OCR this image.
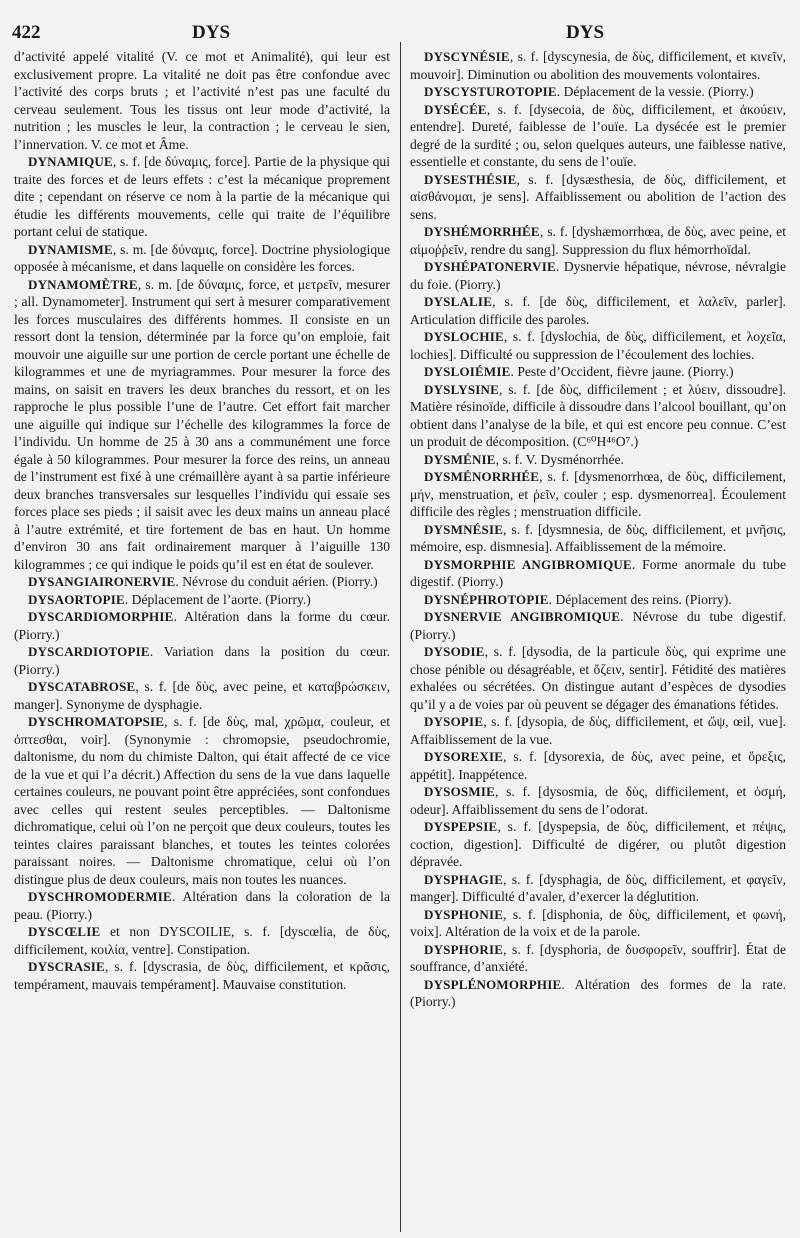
422	DYS	DYS

d’activité appelé vitalité (V. ce mot et Animalité), qui leur est exclusivement propre. La vitalité ne doit pas être confondue avec l’activité des corps bruts ; et l’activité n’est pas une faculté du cerveau seulement. Tous les tissus ont leur mode d’activité, la nutrition ; les muscles le leur, la contraction ; le cerveau le sien, l’innervation. V. ce mot et Âme.

DYNAMIQUE, s. f. [de δύναμις, force]. Partie de la physique qui traite des forces et de leurs effets : c’est la mécanique proprement dite ; cependant on réserve ce nom à la partie de la mécanique qui étudie les différents mouvements, celle qui traite de l’équilibre portant celui de statique.

DYNAMISME, s. m. [de δύναμις, force]. Doctrine physiologique opposée à mécanisme, et dans laquelle on considère les forces.

DYNAMOMÈTRE, s. m. [de δύναμις, force, et μετρεῖν, mesurer ; all. Dynamometer]. Instrument qui sert à mesurer comparativement les forces musculaires des différents hommes. Il consiste en un ressort dont la tension, déterminée par la force qu’on emploie, fait mouvoir une aiguille sur une portion de cercle portant une échelle de kilogrammes et une de myriagrammes. Pour mesurer la force des mains, on saisit en travers les deux branches du ressort, et on les rapproche le plus possible l’une de l’autre. Cet effort fait marcher une aiguille qui indique sur l’échelle des kilogrammes la force de l’individu. Un homme de 25 à 30 ans a communément une force égale à 50 kilogrammes. Pour mesurer la force des reins, un anneau de l’instrument est fixé à une crémaillère ayant à sa partie inférieure deux branches transversales sur lesquelles l’individu qui essaie ses forces place ses pieds ; il saisit avec les deux mains un anneau placé à l’autre extrémité, et tire fortement de bas en haut. Un homme d’environ 30 ans fait ordinairement marquer à l’aiguille 130 kilogrammes ; ce qui indique le poids qu’il est en état de soulever.

DYSANGIAIRONERVIE. Névrose du conduit aérien. (Piorry.)

DYSAORTOPIE. Déplacement de l’aorte. (Piorry.)

DYSCARDIOMORPHIE. Altération dans la forme du cœur. (Piorry.)

DYSCARDIOTOPIE. Variation dans la position du cœur. (Piorry.)

DYSCATABROSE, s. f. [de δὺς, avec peine, et καταβρώσκειν, manger]. Synonyme de dysphagie.

DYSCHROMATOPSIE, s. f. [de δὺς, mal, χρῶμα, couleur, et ὀπτεσθαι, voir]. (Synonymie : chromopsie, pseudochromie, daltonisme, du nom du chimiste Dalton, qui était affecté de ce vice de la vue et qui l’a décrit.) Affection du sens de la vue dans laquelle certaines couleurs, ne pouvant point être appréciées, sont confondues avec celles qui restent seules perceptibles. — Daltonisme dichromatique, celui où l’on ne perçoit que deux couleurs, toutes les teintes claires paraissant blanches, et toutes les teintes colorées paraissant noires. — Daltonisme chromatique, celui où l’on distingue plus de deux couleurs, mais non toutes les nuances.

DYSCHROMODERMIE. Altération dans la coloration de la peau. (Piorry.)

DYSCŒLIE et non DYSCOILIE, s. f. [dyscœlia, de δὺς, difficilement, κοιλία, ventre]. Constipation.

DYSCRASIE, s. f. [dyscrasia, de δὺς, difficilement, et κρᾶσις, tempérament, mauvais tempérament]. Mauvaise constitution.

DYSCYNÉSIE, s. f. [dyscynesia, de δὺς, difficilement, et κινεῖν, mouvoir]. Diminution ou abolition des mouvements volontaires.

DYSCYSTUROTOPIE. Déplacement de la vessie. (Piorry.)

DYSÉCÉE, s. f. [dysecoia, de δὺς, difficilement, et ἀκούειν, entendre]. Dureté, faiblesse de l’ouïe. La dysécée est le premier degré de la surdité ; ou, selon quelques auteurs, une faiblesse native, essentielle et constante, du sens de l’ouïe.

DYSESTHÉSIE, s. f. [dysæsthesia, de δὺς, difficilement, et αἰσθάνομαι, je sens]. Affaiblissement ou abolition de l’action des sens.

DYSHÉMORRHÉE, s. f. [dyshæmorrhœa, de δὺς, avec peine, et αἱμοῤῥεῖν, rendre du sang]. Suppression du flux hémorrhoïdal.

DYSHÉPATONERVIE. Dysnervie hépatique, névrose, névralgie du foie. (Piorry.)

DYSLALIE, s. f. [de δὺς, difficilement, et λαλεῖν, parler]. Articulation difficile des paroles.

DYSLOCHIE, s. f. [dyslochia, de δὺς, difficilement, et λοχεῖα, lochies]. Difficulté ou suppression de l’écoulement des lochies.

DYSLOIÉMIE. Peste d’Occident, fièvre jaune. (Piorry.)

DYSLYSINE, s. f. [de δὺς, difficilement ; et λύειν, dissoudre]. Matière résinoïde, difficile à dissoudre dans l’alcool bouillant, qu’on obtient dans l’analyse de la bile, et qui est encore peu connue. C’est un produit de décomposition. (C⁶⁰H⁴⁶O⁷.)

DYSMÉNIE, s. f. V. Dysménorrhée.

DYSMÉNORRHÉE, s. f. [dysmenorrhœa, de δὺς, difficilement, μήν, menstruation, et ῥεῖν, couler ; esp. dysmenorrea]. Écoulement difficile des règles ; menstruation difficile.

DYSMNÉSIE, s. f. [dysmnesia, de δὺς, difficilement, et μνῆσις, mémoire, esp. dismnesia]. Affaiblissement de la mémoire.

DYSMORPHIE ANGIBROMIQUE. Forme anormale du tube digestif. (Piorry.)

DYSNÉPHROTOPIE. Déplacement des reins. (Piorry).

DYSNERVIE ANGIBROMIQUE. Névrose du tube digestif. (Piorry.)

DYSODIE, s. f. [dysodia, de la particule δὺς, qui exprime une chose pénible ou désagréable, et ὄζειν, sentir]. Fétidité des matières exhalées ou sécrétées. On distingue autant d’espèces de dysodies qu’il y a de voies par où peuvent se dégager des émanations fétides.

DYSOPIE, s. f. [dysopia, de δὺς, difficilement, et ὤψ, œil, vue]. Affaiblissement de la vue.

DYSOREXIE, s. f. [dysorexia, de δὺς, avec peine, et ὄρεξις, appétit]. Inappétence.

DYSOSMIE, s. f. [dysosmia, de δὺς, difficilement, et ὀσμή, odeur]. Affaiblissement du sens de l’odorat.

DYSPEPSIE, s. f. [dyspepsia, de δὺς, difficilement, et πέψις, coction, digestion]. Difficulté de digérer, ou plutôt digestion dépravée.

DYSPHAGIE, s. f. [dysphagia, de δὺς, difficilement, et φαγεῖν, manger]. Difficulté d’avaler, d’exercer la déglutition.

DYSPHONIE, s. f. [disphonia, de δὺς, difficilement, et φωνή, voix]. Altération de la voix et de la parole.

DYSPHORIE, s. f. [dysphoria, de δυσφορεῖν, souffrir]. État de souffrance, d’anxiété.

DYSPLÉNOMORPHIE. Altération des formes de la rate. (Piorry.)
